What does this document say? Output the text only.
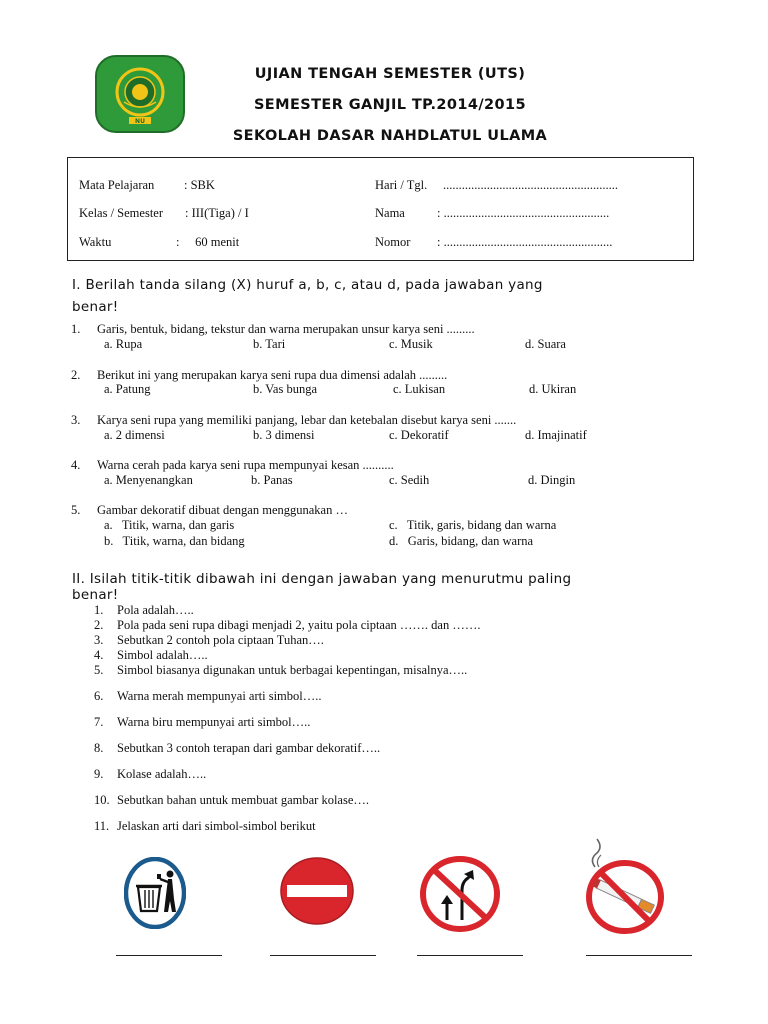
NU
UJIAN TENGAH SEMESTER (UTS)
SEMESTER GANJIL TP.2014/2015
SEKOLAH DASAR NAHDLATUL ULAMA
Mata Pelajaran : SBK
Kelas / Semester : III(Tiga) / I
Waktu	:     60 menit
Hari / Tgl. ........................................................
Nama	: .....................................................
Nomor : ......................................................
I. Berilah tanda silang (X) huruf a, b, c, atau d, pada jawaban yang
benar!
1. Garis, bentuk, bidang, tekstur dan warna merupakan unsur karya seni .........
a. Rupa	b. Tari	c. Musik	d. Suara
2. Berikut ini yang merupakan karya seni rupa dua dimensi adalah .........
a. Patung	b. Vas bunga	c. Lukisan	d. Ukiran
3. Karya seni rupa yang memiliki panjang, lebar dan ketebalan disebut karya seni .......
a. 2 dimensi	b. 3 dimensi	c. Dekoratif	d. Imajinatif
4. Warna cerah pada karya seni rupa mempunyai kesan ..........
a. Menyenangkan	b. Panas	c. Sedih	d. Dingin
5. Gambar dekoratif dibuat dengan menggunakan …
a.   Titik, warna, dan garis	c.   Titik, garis, bidang dan warna
b.   Titik, warna, dan bidang	d.   Garis, bidang, dan warna
II. Isilah titik-titik dibawah ini dengan jawaban yang menurutmu paling
benar!
1. Pola adalah…..
2. Pola pada seni rupa dibagi menjadi 2, yaitu pola ciptaan ……. dan …….
3. Sebutkan 2 contoh pola ciptaan Tuhan….
4. Simbol adalah…..
5. Simbol biasanya digunakan untuk berbagai kepentingan, misalnya…..
6. Warna merah mempunyai arti simbol…..
7. Warna biru mempunyai arti simbol…..
8. Sebutkan 3 contoh terapan dari gambar dekoratif…..
9. Kolase adalah…..
10. Sebutkan bahan untuk membuat gambar kolase….
11. Jelaskan arti dari simbol-simbol berikut
